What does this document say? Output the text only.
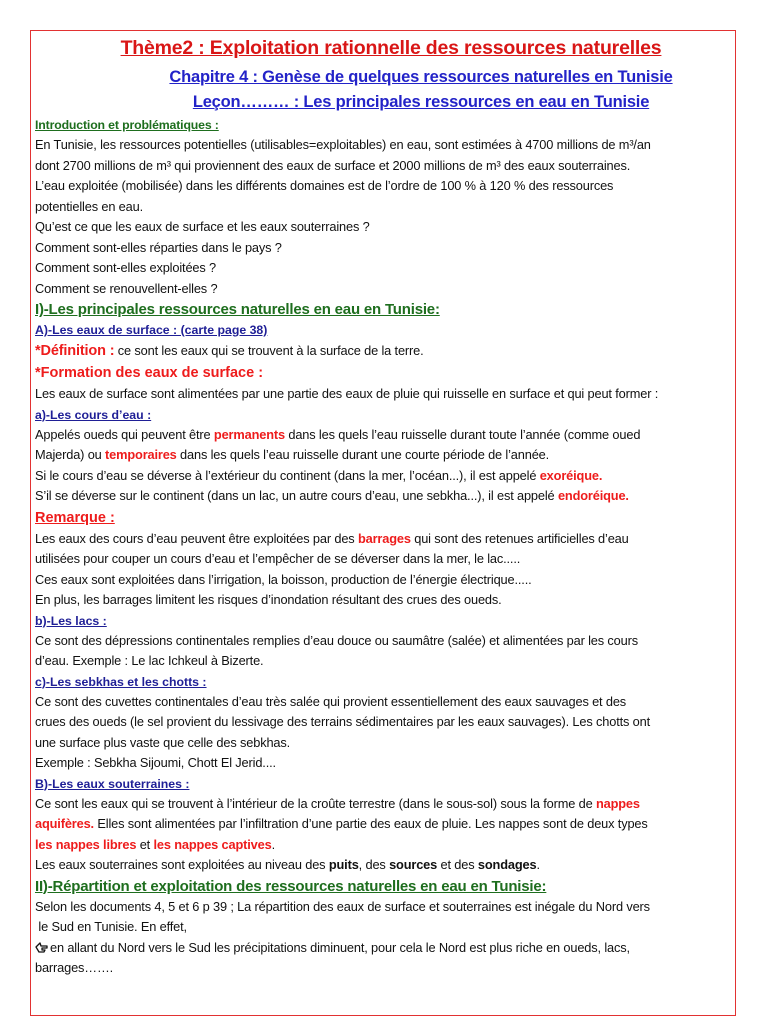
Thème2 : Exploitation rationnelle des ressources naturelles

Chapitre 4 : Genèse de quelques ressources naturelles en Tunisie

Leçon……… : Les principales ressources en eau en Tunisie

Introduction et problématiques :

En Tunisie, les ressources potentielles (utilisables=exploitables) en eau, sont estimées à 4700 millions de m³/an

dont 2700 millions de m³ qui proviennent des eaux de surface et 2000 millions de m³ des eaux souterraines.

L’eau exploitée (mobilisée) dans les différents domaines est de l’ordre de 100 % à 120 % des ressources

potentielles en eau.

Qu’est ce que les eaux de surface et les eaux souterraines ?

Comment sont-elles réparties dans le pays ?

Comment sont-elles exploitées ?

Comment se renouvellent-elles ?

I)-Les principales ressources naturelles en eau en Tunisie:

A)-Les eaux de surface : (carte page 38)

*Définition : ce sont les eaux qui se trouvent à la surface de la terre.

*Formation des eaux de surface :

Les eaux de surface sont alimentées par une partie des eaux de pluie qui ruisselle en surface et qui peut former :

a)-Les cours d’eau :

Appelés oueds qui peuvent être permanents dans les quels l’eau ruisselle durant toute l’année (comme oued

Majerda) ou temporaires dans les quels l’eau ruisselle durant une courte période de l’année.

Si le cours d’eau se déverse à l’extérieur du continent (dans la mer, l’océan...), il est appelé exoréique.

S’il se déverse sur le continent (dans un lac, un autre cours d’eau, une sebkha...), il est appelé endoréique.

Remarque :

Les eaux des cours d’eau peuvent être exploitées par des barrages qui sont des retenues artificielles d’eau

utilisées pour couper un cours d’eau et l’empêcher de se déverser dans la mer, le lac.....

Ces eaux sont exploitées dans l’irrigation, la boisson, production de l’énergie électrique.....

En plus, les barrages limitent les risques d’inondation résultant des crues des oueds.

b)-Les lacs :

Ce sont des dépressions continentales remplies d’eau douce ou saumâtre (salée) et alimentées par les cours

d’eau. Exemple : Le lac Ichkeul à Bizerte.

c)-Les sebkhas et les chotts :

Ce sont des cuvettes continentales d’eau très salée qui provient essentiellement des eaux sauvages et des

crues des oueds (le sel provient du lessivage des terrains sédimentaires par les eaux sauvages). Les chotts ont

une surface plus vaste que celle des sebkhas.

Exemple : Sebkha Sijoumi, Chott El Jerid....

B)-Les eaux souterraines :

Ce sont les eaux qui se trouvent à l’intérieur de la croûte terrestre (dans le sous-sol) sous la forme de nappes

aquifères. Elles sont alimentées par l’infiltration d’une partie des eaux de pluie. Les nappes sont de deux types

les nappes libres et les nappes captives.

Les eaux souterraines sont exploitées au niveau des puits, des sources et des sondages.

II)-Répartition et exploitation des ressources naturelles en eau en Tunisie:

Selon les documents 4, 5 et 6 p 39 ; La répartition des eaux de surface et souterraines est inégale du Nord vers

le Sud en Tunisie. En effet,

en allant du Nord vers le Sud les précipitations diminuent, pour cela le Nord est plus riche en oueds, lacs,

barrages…….
